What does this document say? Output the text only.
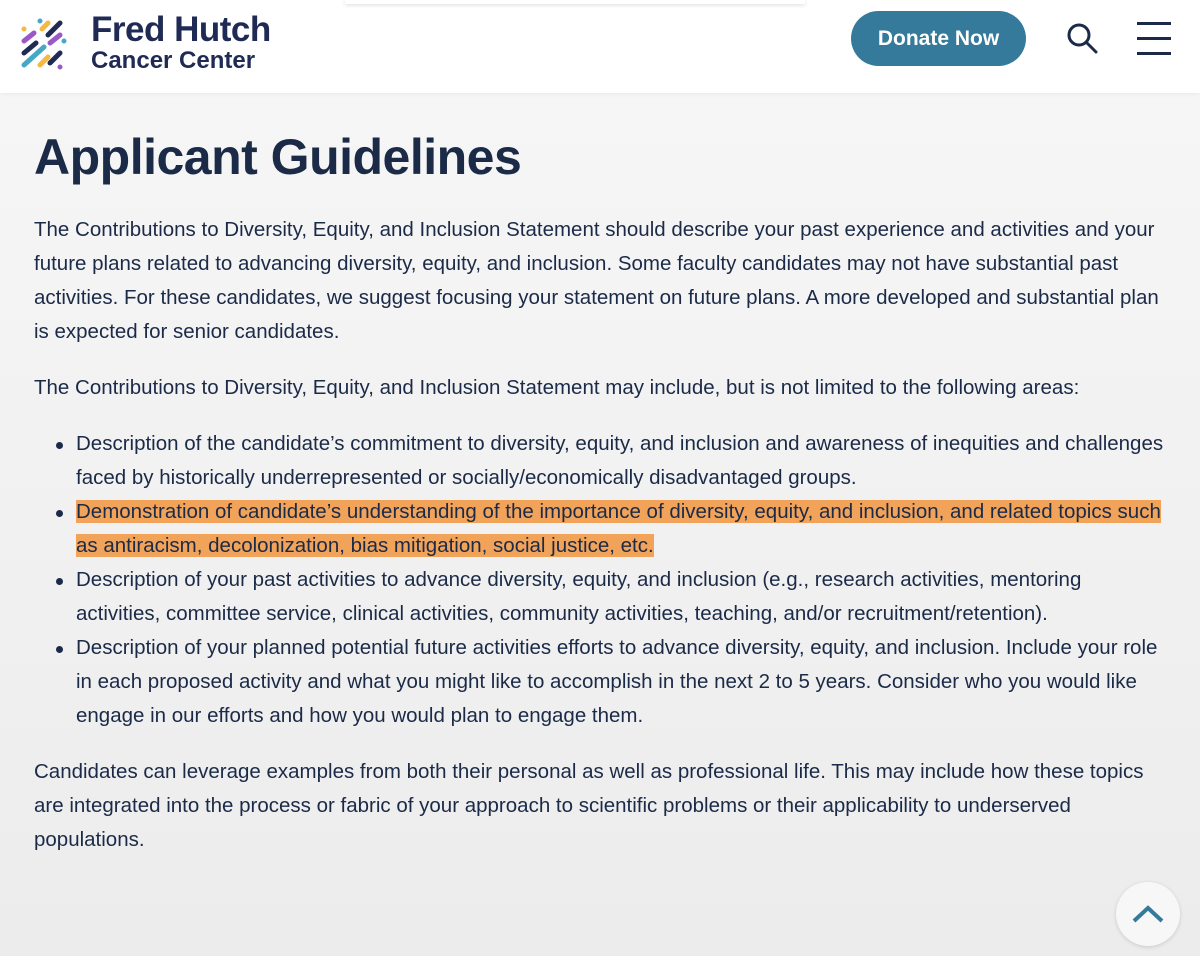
Fred Hutch
Cancer Center
Donate Now
Applicant Guidelines

The Contributions to Diversity, Equity, and Inclusion Statement should describe your past experience and activities and your future plans related to advancing diversity, equity, and inclusion. Some faculty candidates may not have substantial past activities. For these candidates, we suggest focusing your statement on future plans. A more developed and substantial plan is expected for senior candidates.

The Contributions to Diversity, Equity, and Inclusion Statement may include, but is not limited to the following areas:

Description of the candidate’s commitment to diversity, equity, and inclusion and awareness of inequities and challenges faced by historically underrepresented or socially/economically disadvantaged groups.
Demonstration of candidate’s understanding of the importance of diversity, equity, and inclusion, and related topics such as antiracism, decolonization, bias mitigation, social justice, etc.
Description of your past activities to advance diversity, equity, and inclusion (e.g., research activities, mentoring activities, committee service, clinical activities, community activities, teaching, and/or recruitment/retention).
Description of your planned potential future activities efforts to advance diversity, equity, and inclusion. Include your role in each proposed activity and what you might like to accomplish in the next 2 to 5 years. Consider who you would like engage in our efforts and how you would plan to engage them.

Candidates can leverage examples from both their personal as well as professional life. This may include how these topics are integrated into the process or fabric of your approach to scientific problems or their applicability to underserved populations.
